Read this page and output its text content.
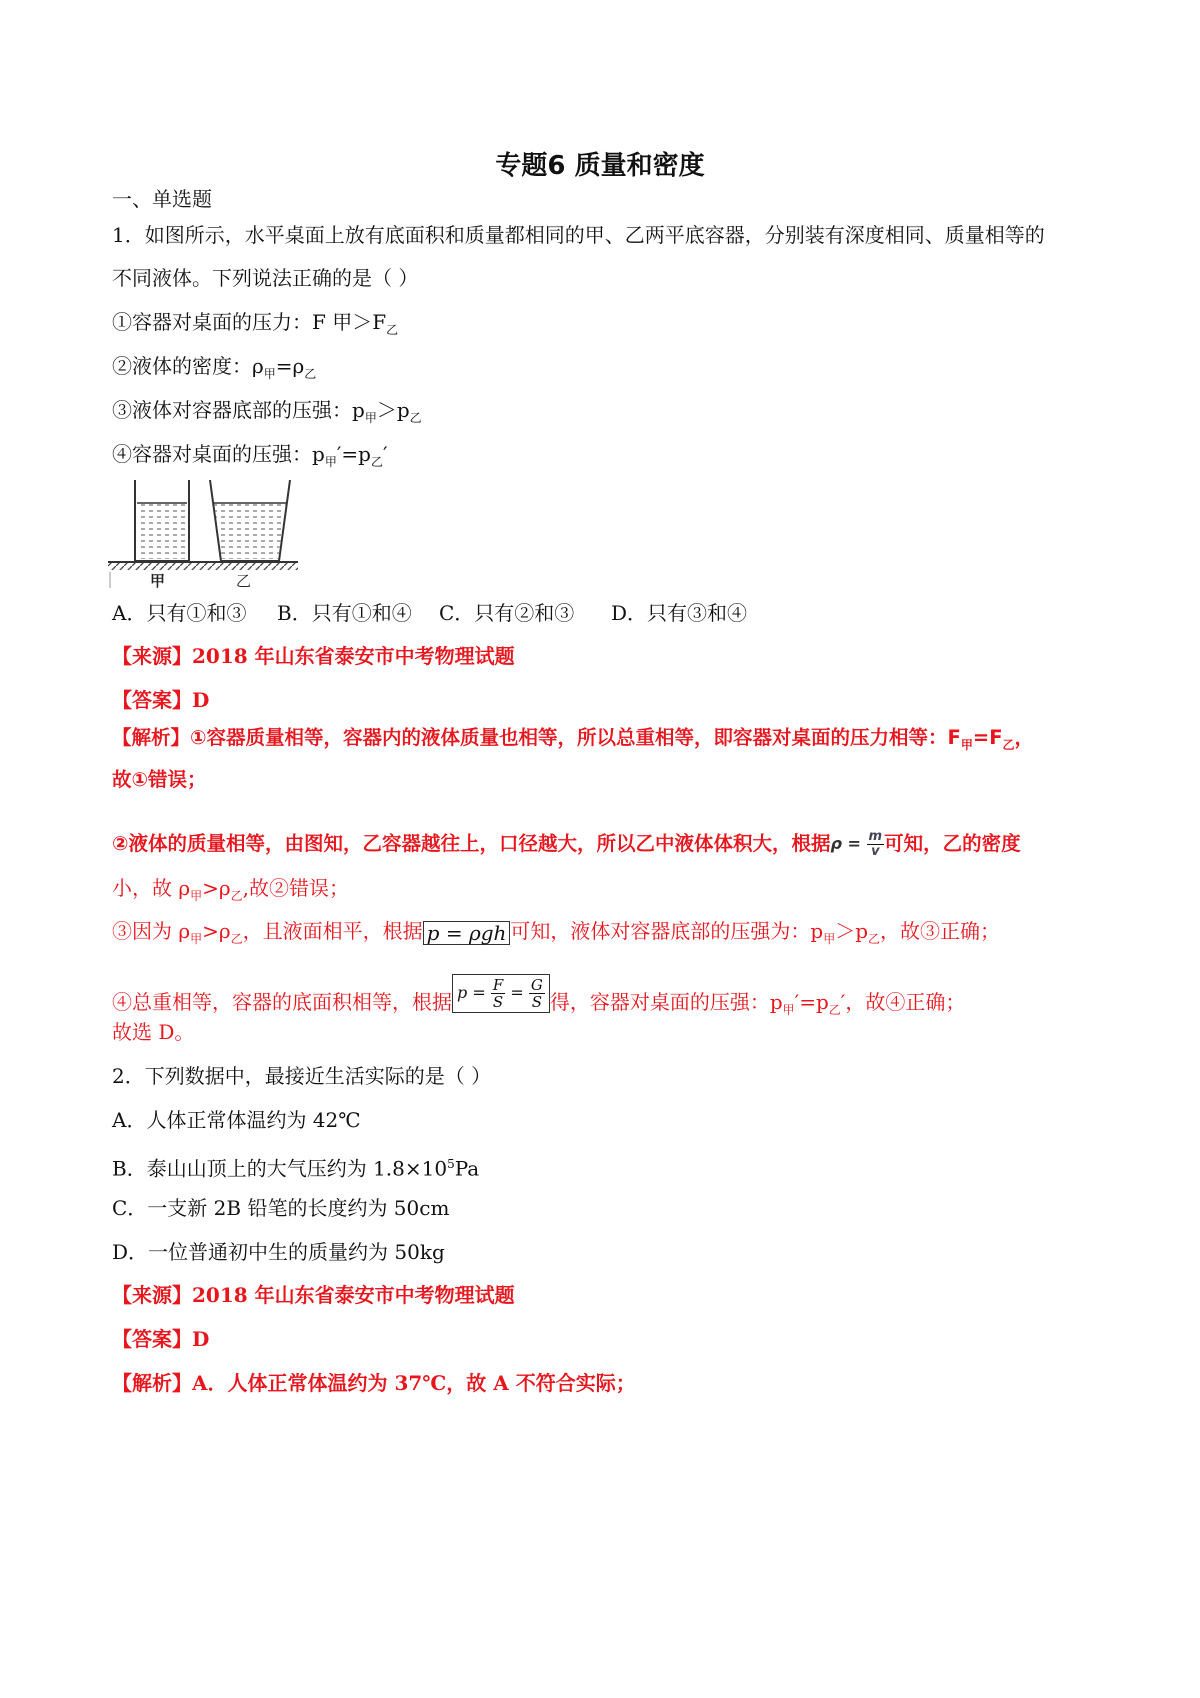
专题6 质量和密度
一、单选题
1．如图所示，水平桌面上放有底面积和质量都相同的甲、乙两平底容器，分别装有深度相同、质量相等的
不同液体。下列说法正确的是（ ）
①容器对桌面的压力：F 甲$>F_乙$
②液体的密度：$\rho_甲=\rho_乙$
③液体对容器底部的压强：$p_甲>p_乙$
④容器对桌面的压强：$p_甲'=p_乙'$
甲	乙
A．只有①和③ B．只有①和④ C．只有②和③ D．只有③和④
【来源】2018 年山东省泰安市中考物理试题
【答案】D
【解析】①容器质量相等，容器内的液体质量也相等，所以总重相等，即容器对桌面的压力相等：$F_甲=F_乙$，
故①错误；
②液体的质量相等，由图知，乙容器越往上，口径越大，所以乙中液体体积大，根据$\rho = \frac{m}{v}$ 可知，乙的密度
小，故 $\rho_甲>\rho_乙$,故②错误；
③因为 $\rho_甲>\rho_乙$，且液面相平，根据 p = ρgh 可知，液体对容器底部的压强为：$p_甲>p_乙$，故③正确；
④总重相等，容器的底面积相等，根据 $p = \frac{F}{S} = \frac{G}{S}$ 得，容器对桌面的压强：$p_甲'=p_乙'$，故④正确；
故选 D。
2．下列数据中，最接近生活实际的是（ ）
A．人体正常体温约为 42℃
B．泰山山顶上的大气压约为 $1.8\times 10^5Pa$
C．一支新 2B 铅笔的长度约为 50cm
D．一位普通初中生的质量约为 50kg
【来源】2018 年山东省泰安市中考物理试题
【答案】D
【解析】A．人体正常体温约为 37℃，故 A 不符合实际；
